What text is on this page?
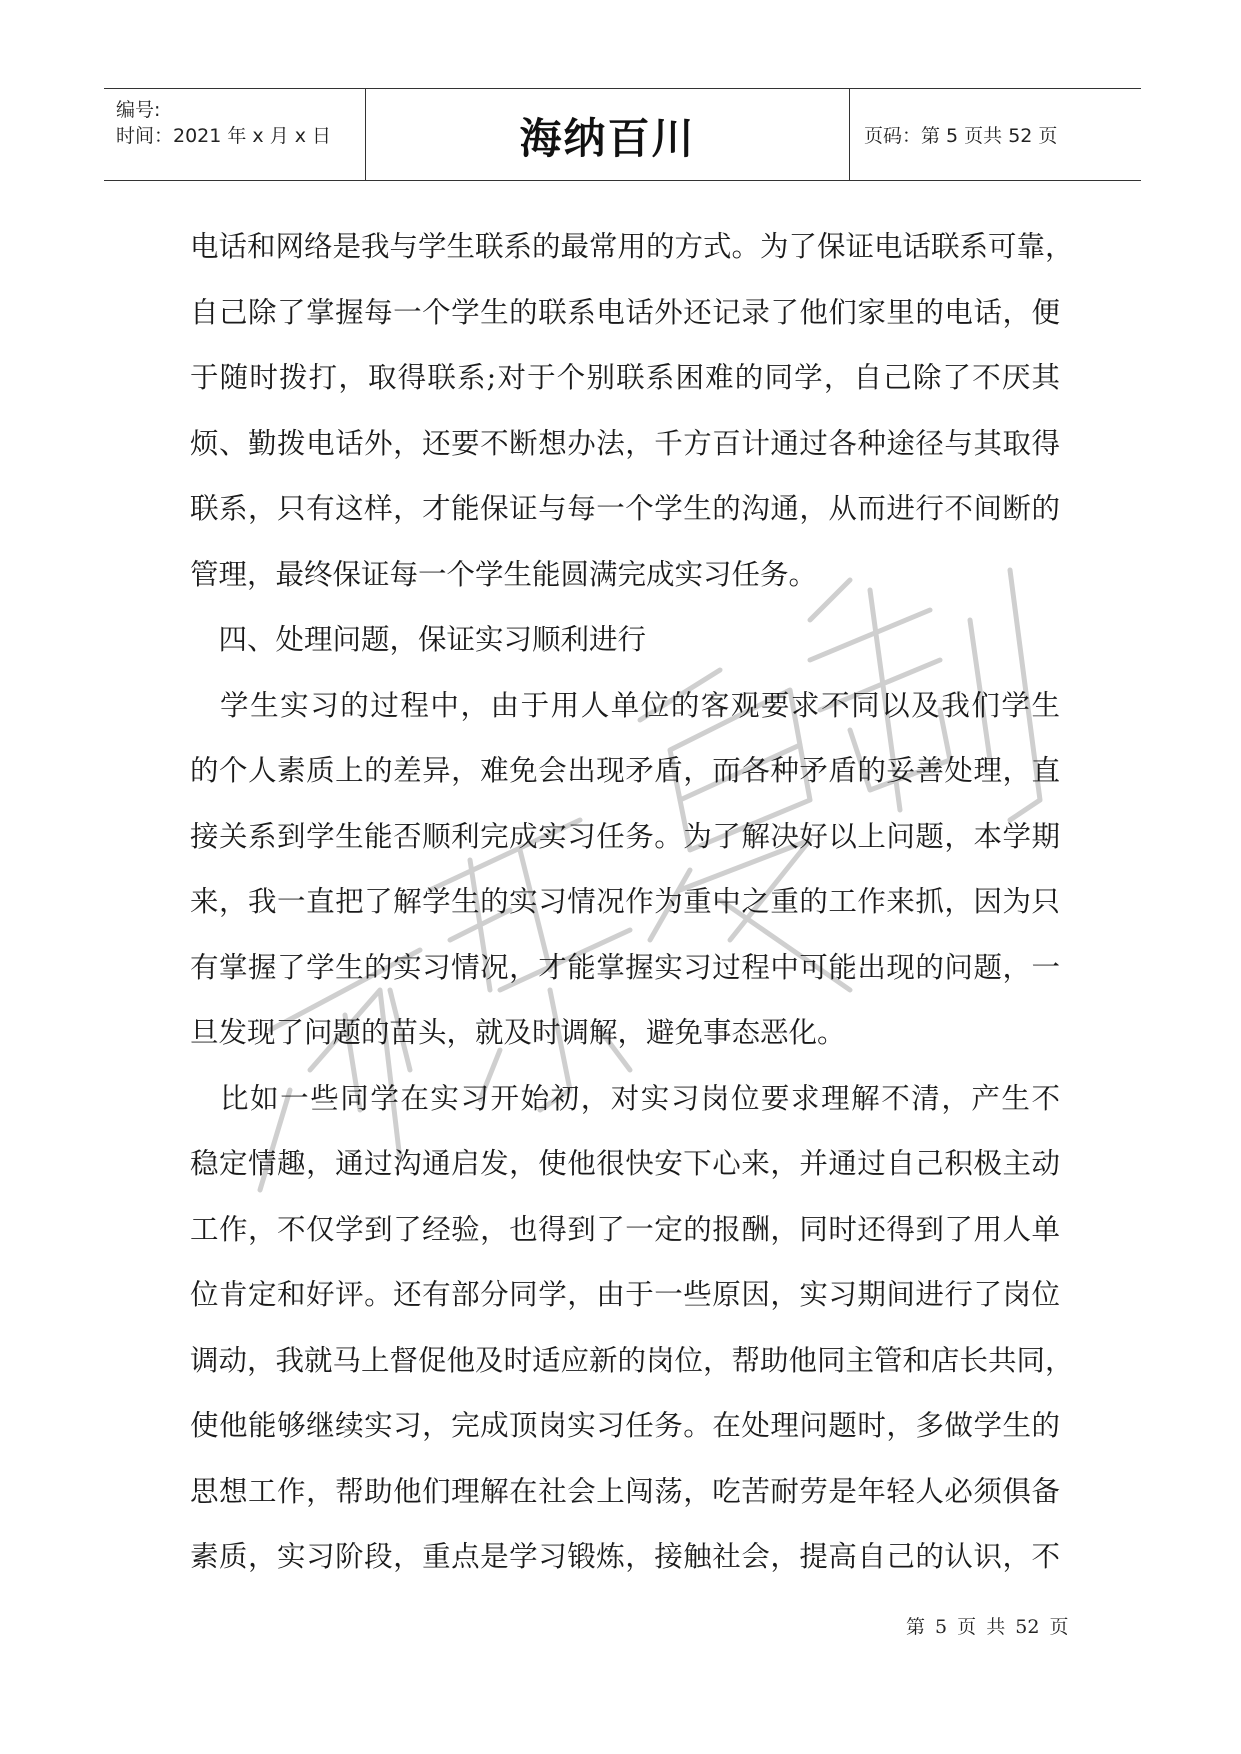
编号:
时间：2021 年 x 月 x 日	海纳百川	页码：第 5 页共 52 页
电话和网络是我与学生联系的最常用的方式。为了保证电话联系可靠，
自己除了掌握每一个学生的联系电话外还记录了他们家里的电话，便
于随时拨打，取得联系;对于个别联系困难的同学，自己除了不厌其
烦、勤拨电话外，还要不断想办法，千方百计通过各种途径与其取得
联系，只有这样，才能保证与每一个学生的沟通，从而进行不间断的
管理，最终保证每一个学生能圆满完成实习任务。
　四、处理问题，保证实习顺利进行
　学生实习的过程中，由于用人单位的客观要求不同以及我们学生
的个人素质上的差异，难免会出现矛盾，而各种矛盾的妥善处理，直
接关系到学生能否顺利完成实习任务。为了解决好以上问题，本学期
来，我一直把了解学生的实习情况作为重中之重的工作来抓，因为只
有掌握了学生的实习情况，才能掌握实习过程中可能出现的问题，一
旦发现了问题的苗头，就及时调解，避免事态恶化。
　比如一些同学在实习开始初，对实习岗位要求理解不清，产生不
稳定情趣，通过沟通启发，使他很快安下心来，并通过自己积极主动
工作，不仅学到了经验，也得到了一定的报酬，同时还得到了用人单
位肯定和好评。还有部分同学，由于一些原因，实习期间进行了岗位
调动，我就马上督促他及时适应新的岗位，帮助他同主管和店长共同，
使他能够继续实习，完成顶岗实习任务。在处理问题时，多做学生的
思想工作，帮助他们理解在社会上闯荡，吃苦耐劳是年轻人必须俱备
素质，实习阶段，重点是学习锻炼，接触社会，提高自己的认识，不
第 5 页 共 52 页
